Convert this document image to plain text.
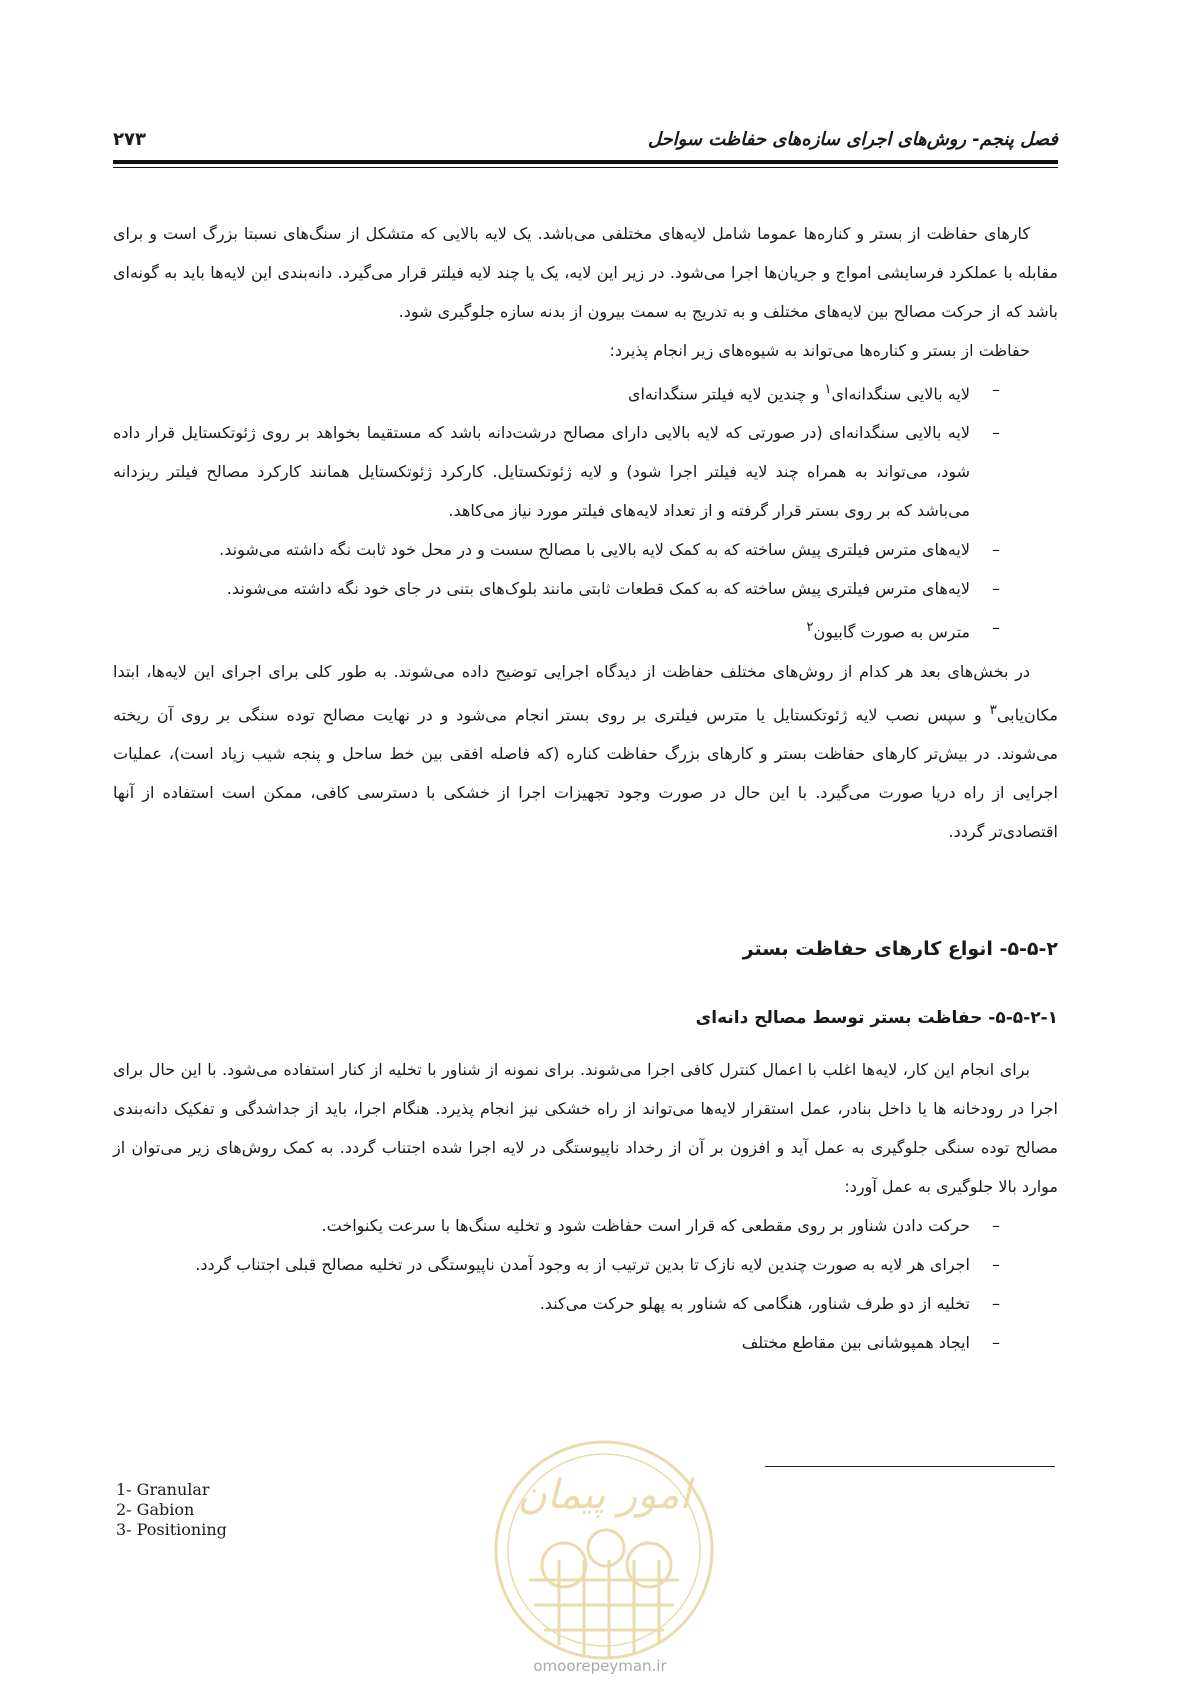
فصل پنجم- روش‌های اجرای سازه‌های حفاظت سواحل
۲۷۳

کارهای حفاظت از بستر و کناره‌ها عموما شامل لایه‌های مختلفی می‌باشد. یک لایه بالایی که متشکل از سنگ‌های نسبتا بزرگ است و برای مقابله با عملکرد فرسایشی امواج و جریان‌ها اجرا می‌شود. در زیر این لایه، یک یا چند لایه فیلتر قرار می‌گیرد. دانه‌بندی این لایه‌ها باید به گونه‌ای باشد که از حرکت مصالح بین لایه‌های مختلف و به تدریج به سمت بیرون از بدنه سازه جلوگیری شود.

حفاظت از بستر و کناره‌ها می‌تواند به شیوه‌های زیر انجام پذیرد:

–
لایه بالایی سنگدانه‌ای$^۱$ و چندین لایه فیلتر سنگدانه‌ای
–
لایه بالایی سنگدانه‌ای (در صورتی که لایه بالایی دارای مصالح درشت‌دانه باشد که مستقیما بخواهد بر روی ژئوتکستایل قرار داده شود، می‌تواند به همراه چند لایه فیلتر اجرا شود) و لایه ژئوتکستایل. کارکرد ژئوتکستایل همانند کارکرد مصالح فیلتر ریزدانه می‌باشد که بر روی بستر قرار گرفته و از تعداد لایه‌های فیلتر مورد نیاز می‌کاهد.
–
لایه‌های مترس فیلتری پیش ساخته که به کمک لایه بالایی با مصالح سست و در محل خود ثابت نگه داشته می‌شوند.
–
لایه‌های مترس فیلتری پیش ساخته که به کمک قطعات ثابتی مانند بلوک‌های بتنی در جای خود نگه داشته می‌شوند.
–
مترس به صورت گابیون$^۲$

در بخش‌های بعد هر کدام از روش‌های مختلف حفاظت از دیدگاه اجرایی توضیح داده می‌شوند. به طور کلی برای اجرای این لایه‌ها، ابتدا مکان‌یابی$^۳$ و سپس نصب لایه ژئوتکستایل یا مترس فیلتری بر روی بستر انجام می‌شود و در نهایت مصالح توده سنگی بر روی آن ریخته می‌شوند. در بیش‌تر کارهای حفاظت بستر و کارهای بزرگ حفاظت کناره (که فاصله افقی بین خط ساحل و پنجه شیب زیاد است)، عملیات اجرایی از راه دریا صورت می‌گیرد. با این حال در صورت وجود تجهیزات اجرا از خشکی با دسترسی کافی، ممکن است استفاده از آنها اقتصادی‌تر گردد.

۵-۵-۲- انواع کارهای حفاظت بستر
۵-۵-۲-۱- حفاظت بستر توسط مصالح دانه‌ای

برای انجام این کار، لایه‌ها اغلب با اعمال کنترل کافی اجرا می‌شوند. برای نمونه از شناور با تخلیه از کنار استفاده می‌شود. با این حال برای اجرا در رودخانه ها یا داخل بنادر، عمل استقرار لایه‌ها می‌تواند از راه خشکی نیز انجام پذیرد. هنگام اجرا، باید از جداشدگی و تفکیک دانه‌بندی مصالح توده سنگی جلوگیری به عمل آید و افزون بر آن از رخداد ناپیوستگی در لایه اجرا شده اجتناب گردد. به کمک روش‌های زیر می‌توان از موارد بالا جلوگیری به عمل آورد:

–
حرکت دادن شناور بر روی مقطعی که قرار است حفاظت شود و تخلیه سنگ‌ها با سرعت یکنواخت.
–
اجرای هر لایه به صورت چندین لایه نازک تا بدین ترتیب از به وجود آمدن ناپیوستگی در تخلیه مصالح قبلی اجتناب گردد.
–
تخلیه از دو طرف شناور، هنگامی که شناور به پهلو حرکت می‌کند.
–
ایجاد همپوشانی بین مقاطع مختلف
1- Granular
2- Gabion
3- Positioning
امور پیمان
omoorepeyman.ir
